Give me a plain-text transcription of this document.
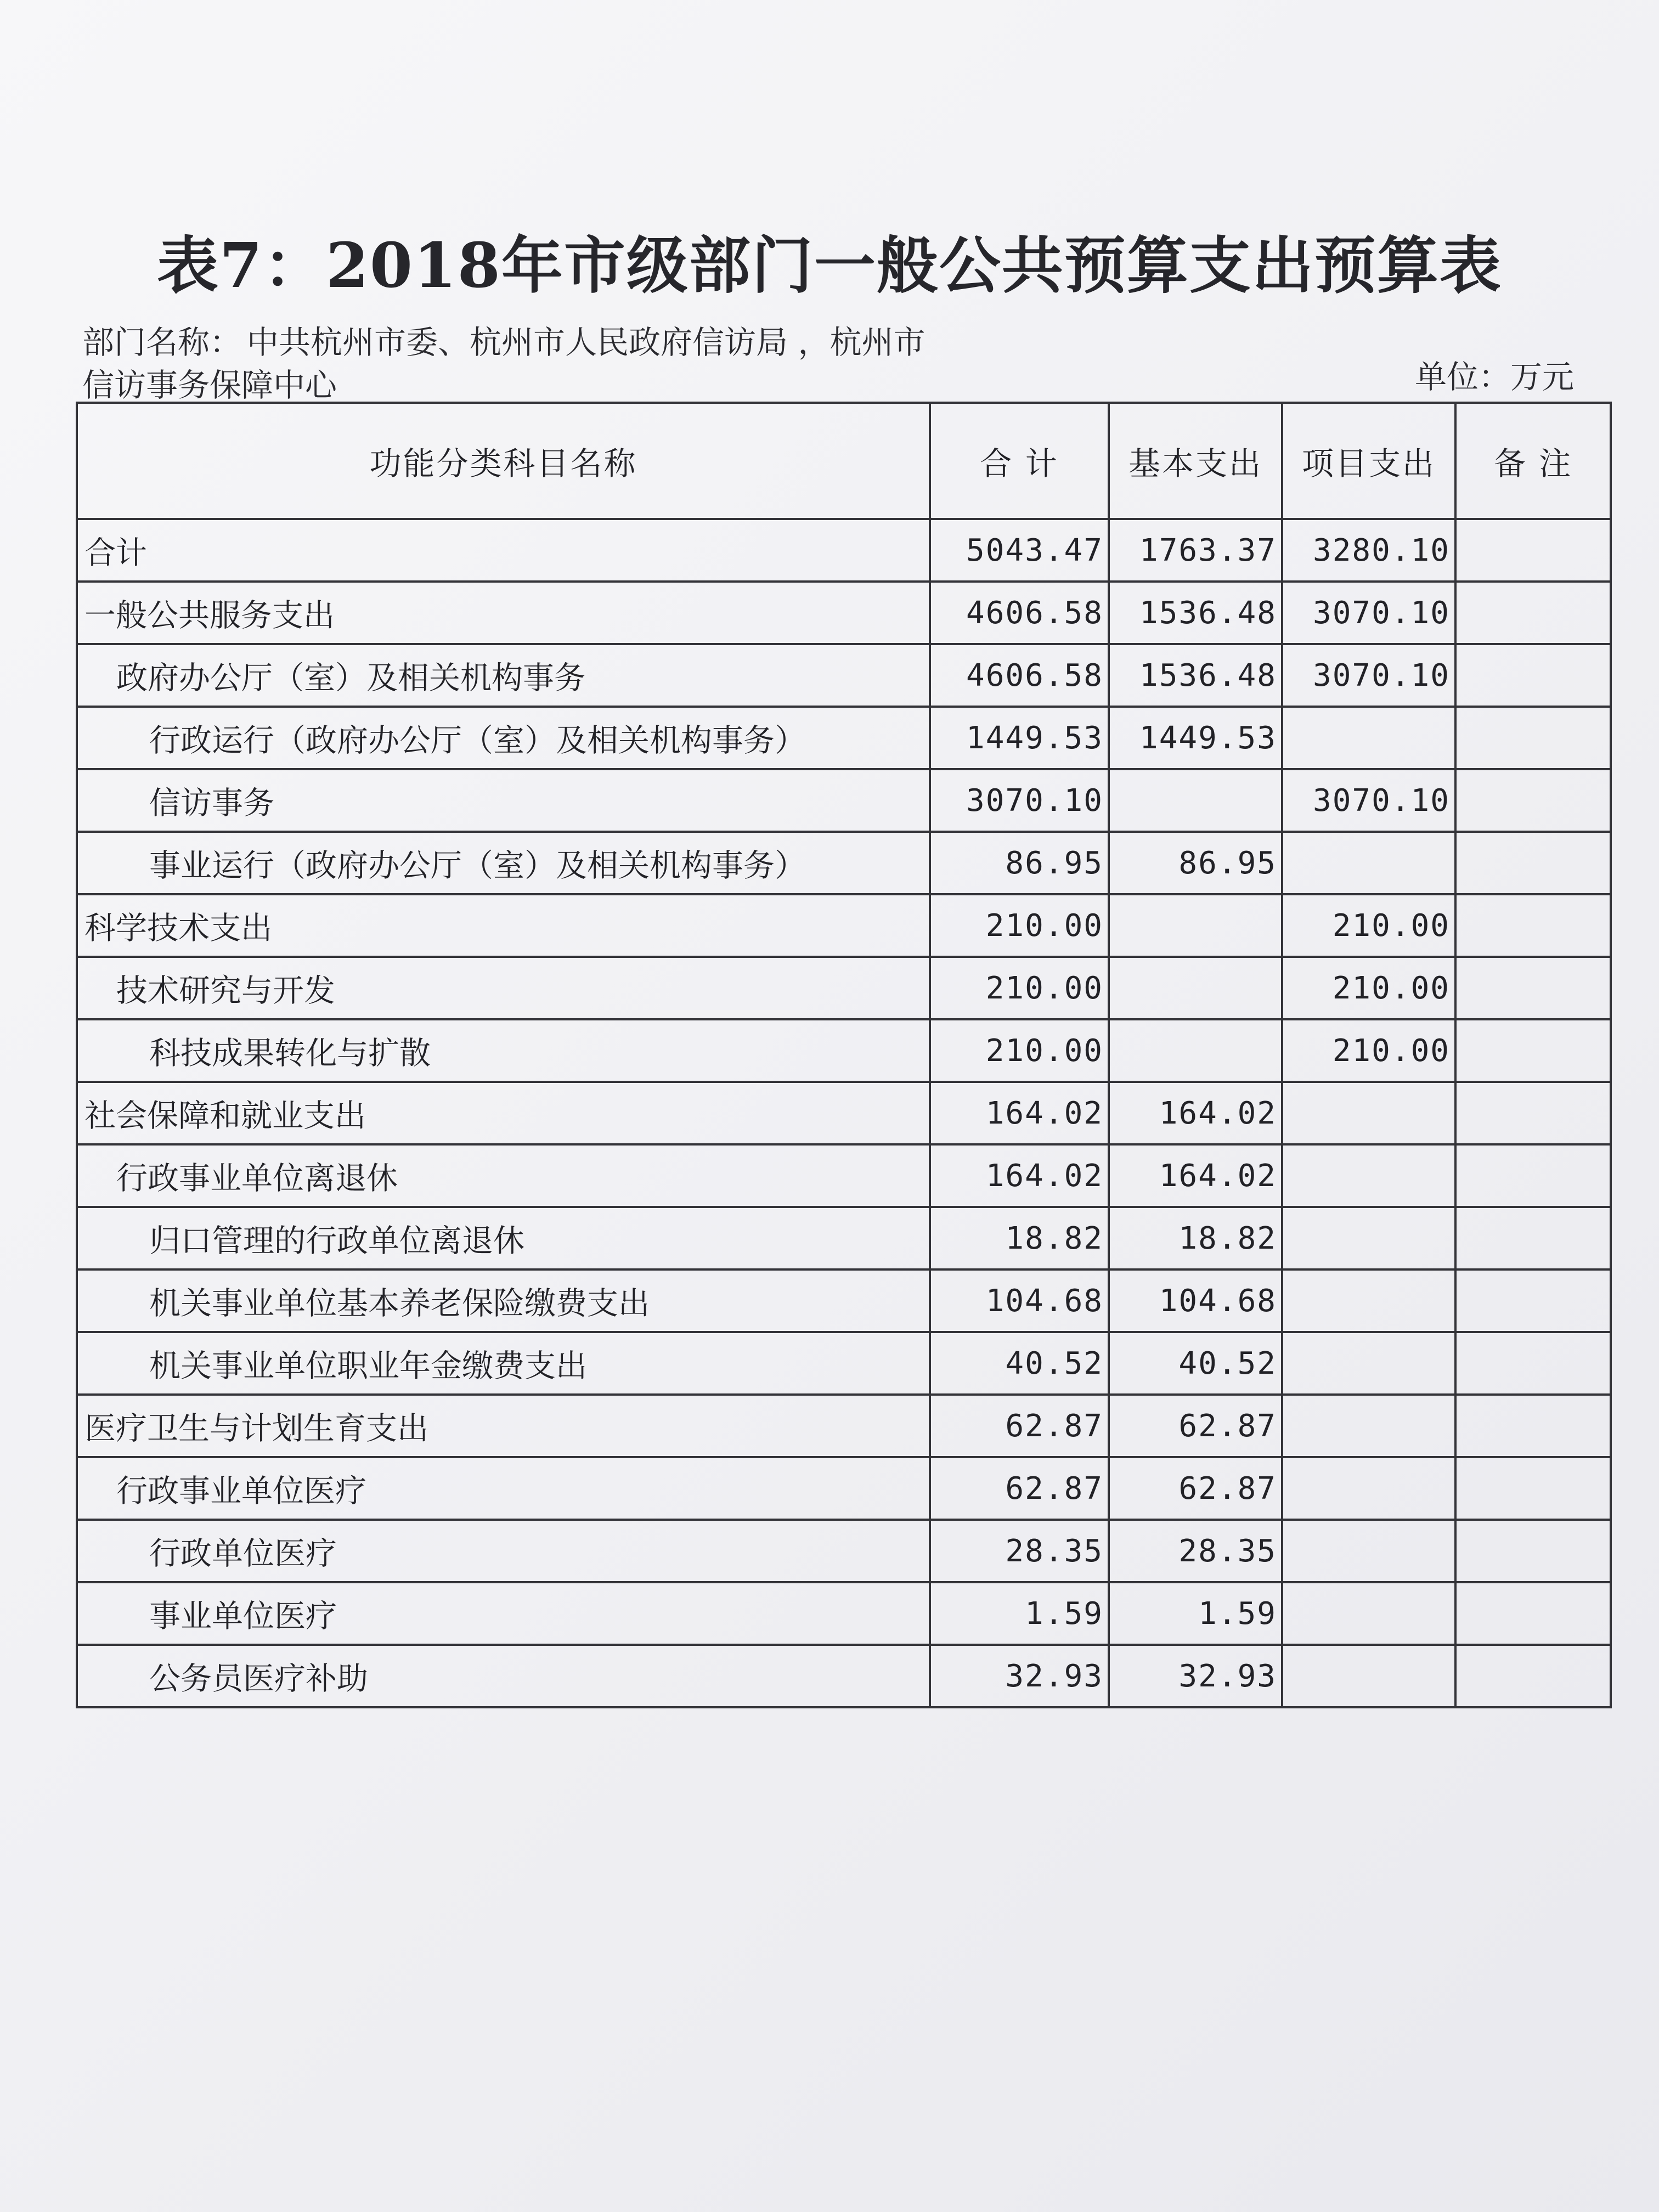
表7：2018年市级部门一般公共预算支出预算表
部门名称： 中共杭州市委、杭州市人民政府信访局 ，杭州市信访事务保障中心	单位：万元
功能分类科目名称	合 计	基本支出	项目支出	备 注
合计	5043.47	1763.37	3280.10	
一般公共服务支出	4606.58	1536.48	3070.10	
政府办公厅（室）及相关机构事务	4606.58	1536.48	3070.10	
行政运行（政府办公厅（室）及相关机构事务）	1449.53	1449.53		
信访事务	3070.10		3070.10	
事业运行（政府办公厅（室）及相关机构事务）	86.95	86.95		
科学技术支出	210.00		210.00	
技术研究与开发	210.00		210.00	
科技成果转化与扩散	210.00		210.00	
社会保障和就业支出	164.02	164.02		
行政事业单位离退休	164.02	164.02		
归口管理的行政单位离退休	18.82	18.82		
机关事业单位基本养老保险缴费支出	104.68	104.68		
机关事业单位职业年金缴费支出	40.52	40.52		
医疗卫生与计划生育支出	62.87	62.87		
行政事业单位医疗	62.87	62.87		
行政单位医疗	28.35	28.35		
事业单位医疗	1.59	1.59		
公务员医疗补助	32.93	32.93		
